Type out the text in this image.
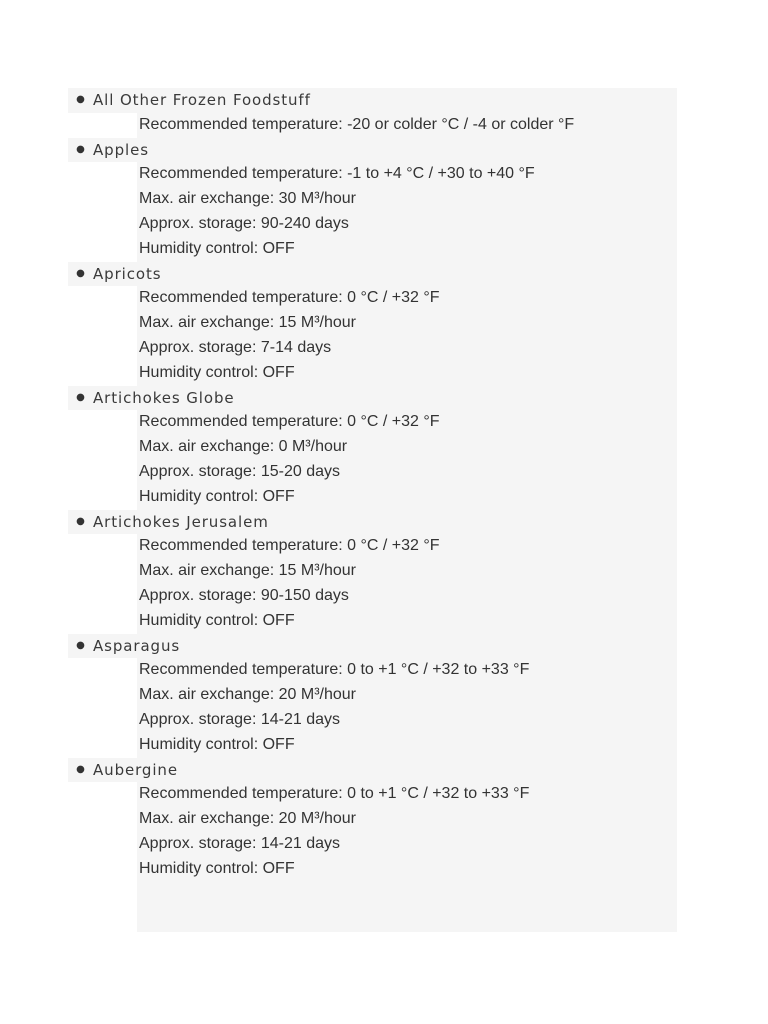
● All Other Frozen Foodstuff
Recommended temperature: -20 or colder °C / -4 or colder °F
● Apples
Recommended temperature: -1 to +4 °C / +30 to +40 °F
Max. air exchange: 30 M³/hour
Approx. storage: 90-240 days
Humidity control: OFF
● Apricots
Recommended temperature: 0 °C / +32 °F
Max. air exchange: 15 M³/hour
Approx. storage: 7-14 days
Humidity control: OFF
● Artichokes Globe
Recommended temperature: 0 °C / +32 °F
Max. air exchange: 0 M³/hour
Approx. storage: 15-20 days
Humidity control: OFF
● Artichokes Jerusalem
Recommended temperature: 0 °C / +32 °F
Max. air exchange: 15 M³/hour
Approx. storage: 90-150 days
Humidity control: OFF
● Asparagus
Recommended temperature: 0 to +1 °C / +32 to +33 °F
Max. air exchange: 20 M³/hour
Approx. storage: 14-21 days
Humidity control: OFF
● Aubergine
Recommended temperature: 0 to +1 °C / +32 to +33 °F
Max. air exchange: 20 M³/hour
Approx. storage: 14-21 days
Humidity control: OFF
